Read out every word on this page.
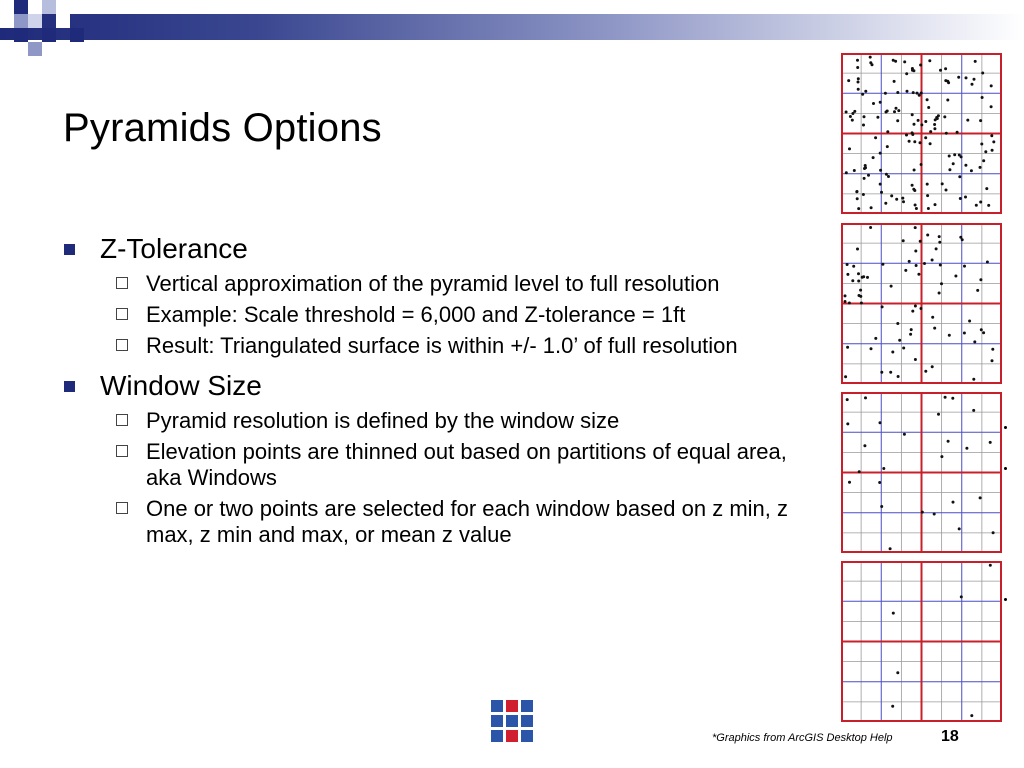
Pyramids Options
Z-Tolerance
Vertical approximation of the pyramid level to full resolution
Example: Scale threshold = 6,000 and Z-tolerance = 1ft
Result: Triangulated surface is within +/- 1.0’ of full resolution
Window Size
Pyramid resolution is defined by the window size
Elevation points are thinned out based on partitions of equal area, aka Windows
One or two points are selected for each window based on z min, z max, z min and max, or mean z value
*Graphics from ArcGIS Desktop Help	18
